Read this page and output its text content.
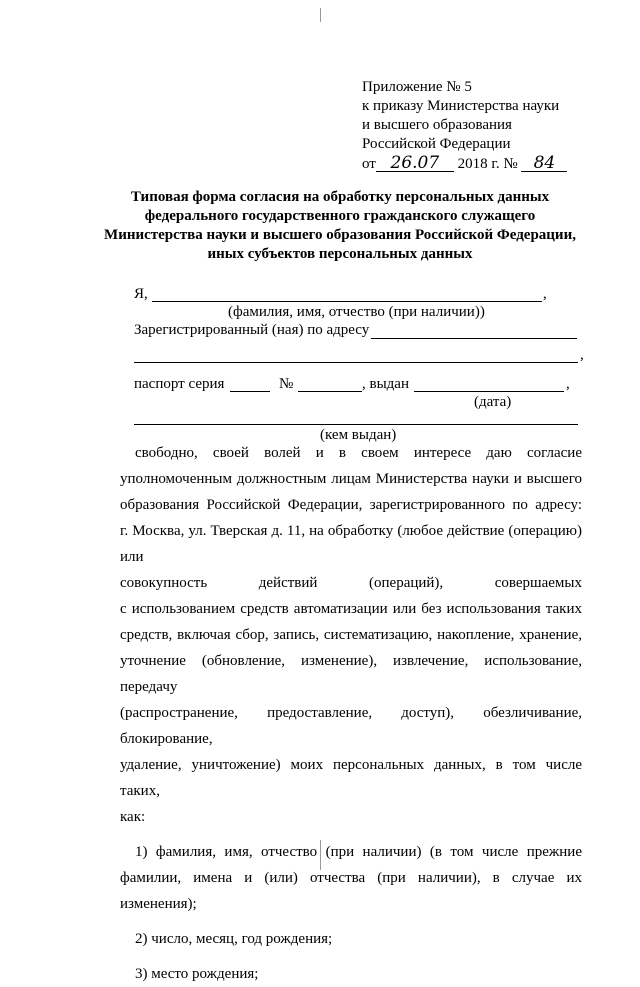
Приложение № 5
к приказу Министерства науки
и высшего образования
Российской Федерации
от 26.07 2018 г. № 84
Типовая форма согласия на обработку персональных данных
федерального государственного гражданского служащего
Министерства науки и высшего образования Российской Федерации,
иных субъектов персональных данных
Я,	,
(фамилия, имя, отчество (при наличии))
Зарегистрированный (ная) по адресу
,
паспорт серия	№	, выдан	,
(дата)
(кем выдан)

свободно, своей волей и в своем интересе даю согласие

уполномоченным должностным лицам Министерства науки и высшего

образования Российской Федерации, зарегистрированного по адресу:

г. Москва, ул. Тверская д. 11, на обработку (любое действие (операцию) или

совокупность действий (операций), совершаемых

с использованием средств автоматизации или без использования таких

средств, включая сбор, запись, систематизацию, накопление, хранение,

уточнение (обновление, изменение), извлечение, использование, передачу

(распространение, предоставление, доступ), обезличивание, блокирование,

удаление, уничтожение) моих персональных данных, в том числе таких,

как:

1) фамилия, имя, отчество (при наличии) (в том числе прежние

фамилии, имена и (или) отчества (при наличии), в случае их изменения);

2) число, месяц, год рождения;

3) место рождения;
